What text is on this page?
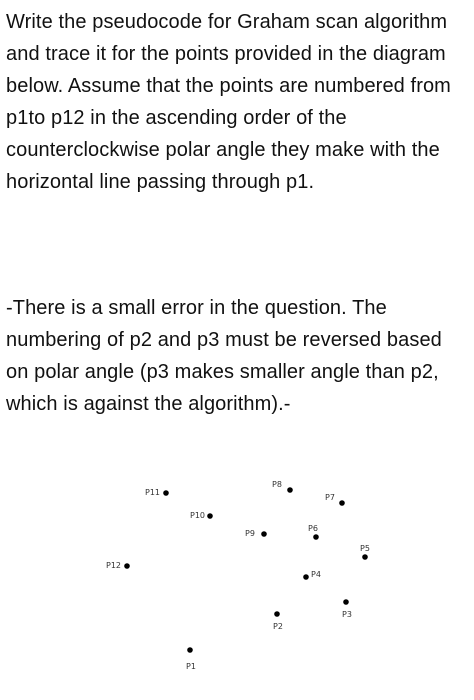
Write the pseudocode for Graham scan algorithm and trace it for the points provided in the diagram below. Assume that the points are numbered from p1to p12 in the ascending order of the counterclockwise polar angle they make with the horizontal line passing through p1.

-There is a small error in the question. The numbering of p2 and p3 must be reversed based on polar angle (p3 makes smaller angle than p2, which is against the algorithm).-

P1
P2
P3
P4
P5
P6
P7
P8
P9
P10
P11
P12
